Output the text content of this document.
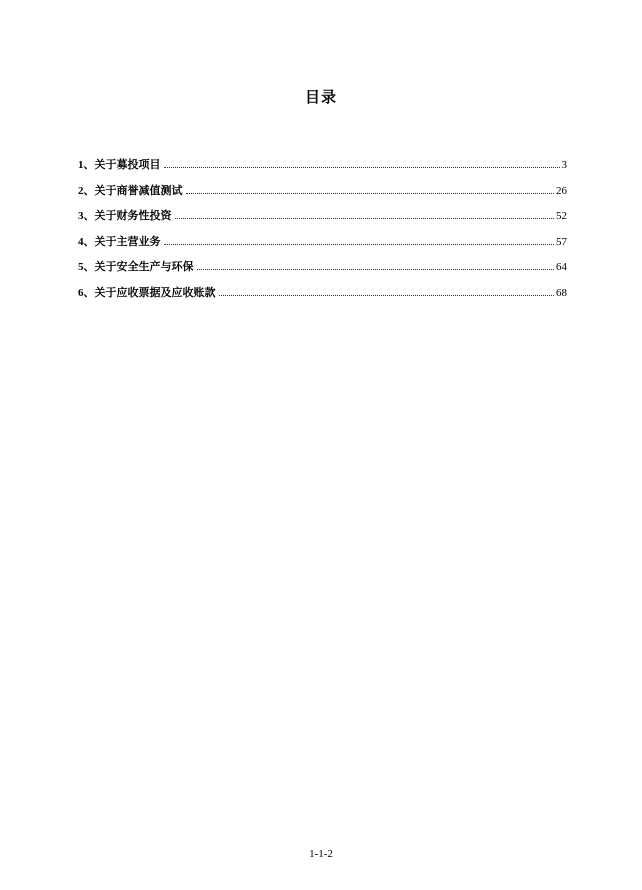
目录
1 、 关于募投项目	3
2 、 关于商誉减值测试	26
3 、 关于财务性投资	52
4 、 关于主营业务	57
5 、 关于安全生产与环保	64
6 、 关于应收票据及应收账款	68
1-1-2
